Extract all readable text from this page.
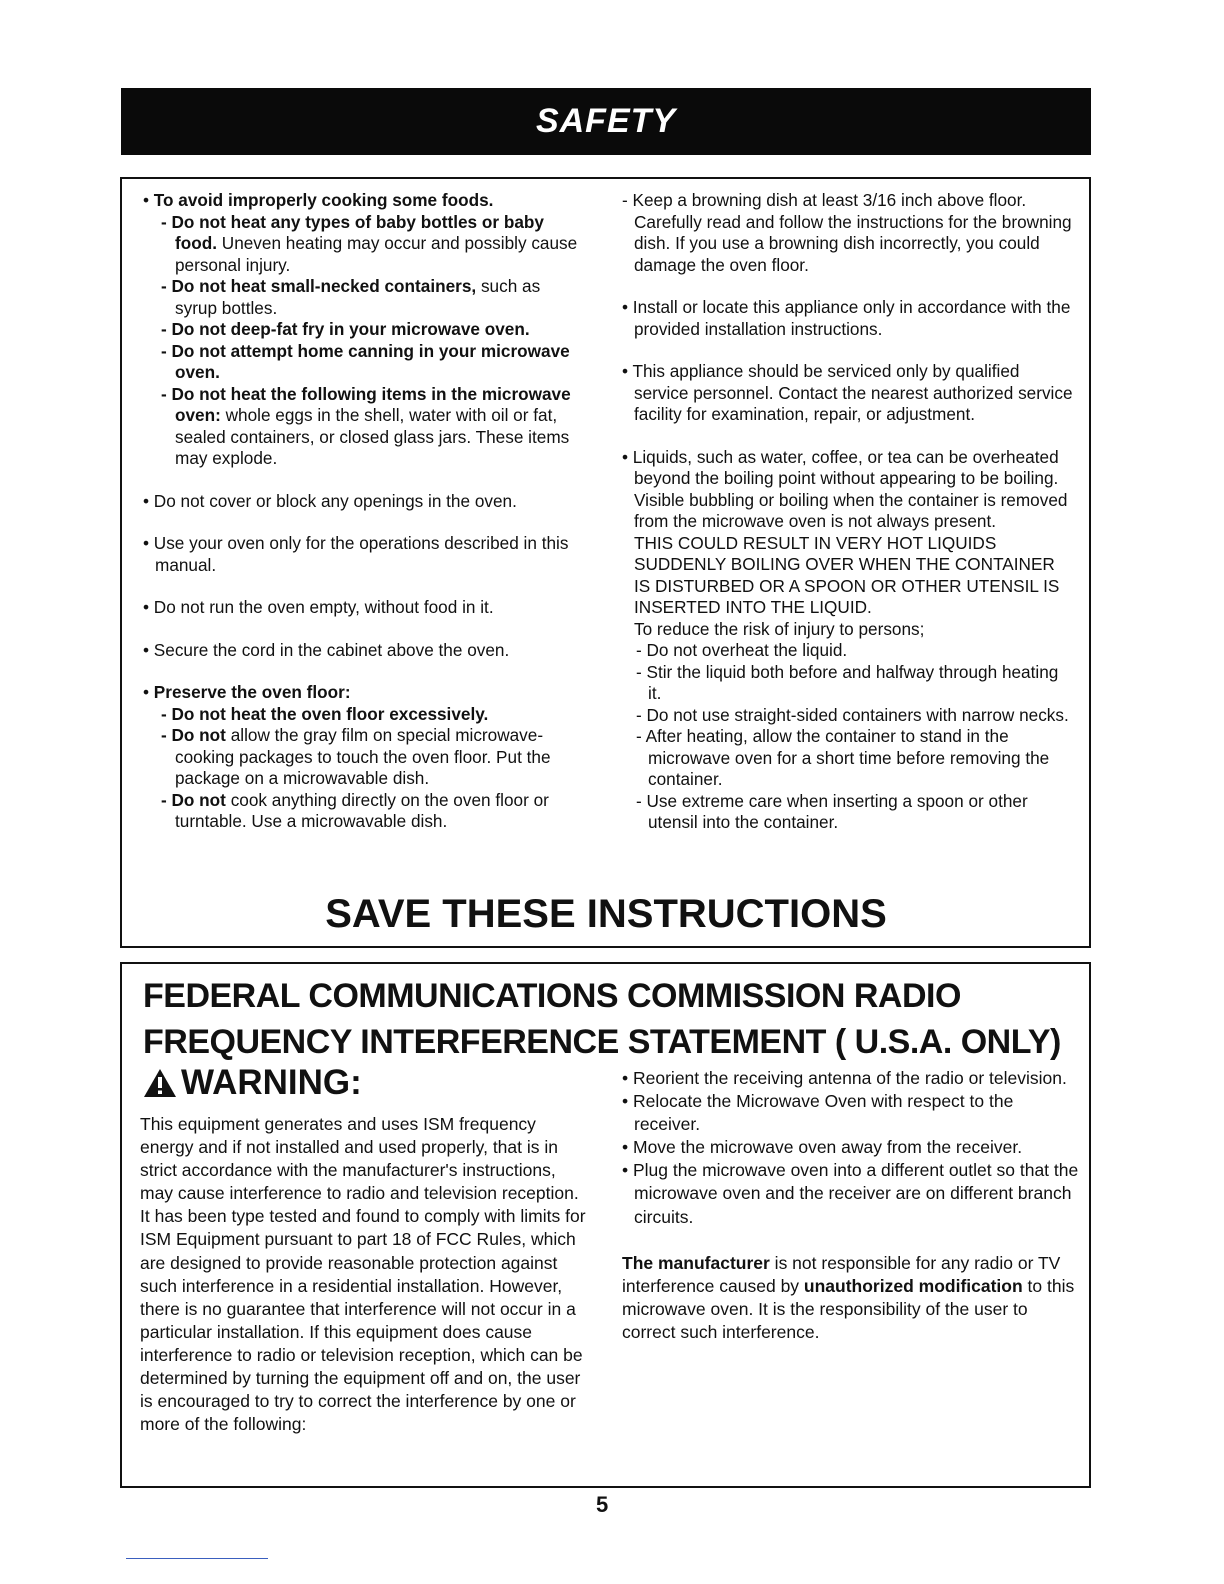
SAFETY

• To avoid improperly cooking some foods.

- Do not heat any types of baby bottles or baby food. Uneven heating may occur and possibly cause personal injury.

- Do not heat small-necked containers, such as syrup bottles.

- Do not deep-fat fry in your microwave oven.

- Do not attempt home canning in your microwave oven.

- Do not heat the following items in the microwave oven: whole eggs in the shell, water with oil or fat, sealed containers, or closed glass jars. These items may explode.

• Do not cover or block any openings in the oven.

• Use your oven only for the operations described in this manual.

• Do not run the oven empty, without food in it.

• Secure the cord in the cabinet above the oven.

• Preserve the oven floor:

- Do not heat the oven floor excessively.

- Do not allow the gray film on special microwave-cooking packages to touch the oven floor. Put the package on a microwavable dish.

- Do not cook anything directly on the oven floor or turntable. Use a microwavable dish.

- Keep a browning dish at least 3/16 inch above floor. Carefully read and follow the instructions for the browning dish. If you use a browning dish incorrectly, you could damage the oven floor.

• Install or locate this appliance only in accordance with the provided installation instructions.

• This appliance should be serviced only by qualified service personnel. Contact the nearest authorized service facility for examination, repair, or adjustment.

• Liquids, such as water, coffee, or tea can be overheated beyond the boiling point without appearing to be boiling. Visible bubbling or boiling when the container is removed from the microwave oven is not always present.

THIS COULD RESULT IN VERY HOT LIQUIDS SUDDENLY BOILING OVER WHEN THE CONTAINER IS DISTURBED OR A SPOON OR OTHER UTENSIL IS INSERTED INTO THE LIQUID.

To reduce the risk of injury to persons;

- Do not overheat the liquid.

- Stir the liquid both before and halfway through heating it.

- Do not use straight-sided containers with narrow necks.

- After heating, allow the container to stand in the microwave oven for a short time before removing the container.

- Use extreme care when inserting a spoon or other utensil into the container.

SAVE THESE INSTRUCTIONS
FEDERAL COMMUNICATIONS COMMISSION RADIO FREQUENCY INTERFERENCE STATEMENT ( U.S.A. ONLY)
WARNING:

This equipment generates and uses ISM frequency energy and if not installed and used properly, that is in strict accordance with the manufacturer's instructions, may cause interference to radio and television reception. It has been type tested and found to comply with limits for ISM Equipment pursuant to part 18 of FCC Rules, which are designed to provide reasonable protection against such interference in a residential installation. However, there is no guarantee that interference will not occur in a particular installation. If this equipment does cause interference to radio or television reception, which can be determined by turning the equipment off and on, the user is encouraged to try to correct the interference by one or more of the following:

• Reorient the receiving antenna of the radio or television.

• Relocate the Microwave Oven with respect to the receiver.

• Move the microwave oven away from the receiver.

• Plug the microwave oven into a different outlet so that the microwave oven and the receiver are on different branch circuits.

The manufacturer is not responsible for any radio or TV interference caused by unauthorized modification to this microwave oven. It is the responsibility of the user to correct such interference.

5
